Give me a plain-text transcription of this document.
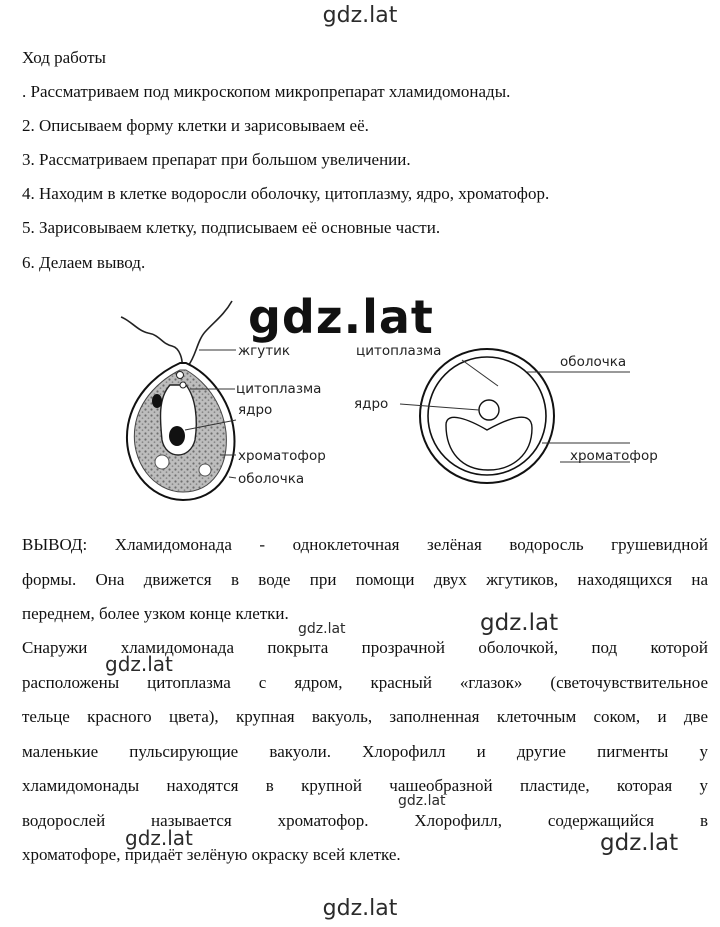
gdz.lat
Ход работы
. Рассматриваем под микроскопом микропрепарат хламидомонады.
2. Описываем форму клетки и зарисовываем её.
3. Рассматриваем препарат при большом увеличении.
4. Находим в клетке водоросли оболочку, цитоплазму, ядро, хроматофор.
5. Зарисовываем клетку, подписываем её основные части.
6. Делаем вывод.
жгутик
цитоплазма
ядро
хроматофор
оболочка
цитоплазма
оболочка
ядро
хроматофор
gdz.lat
ВЫВОД: Хламидомонада - одноклеточная зелёная водоросль грушевидной
формы. Она движется в воде при помощи двух жгутиков, находящихся на
переднем, более узком конце клетки.
Снаружи хламидомонада покрыта прозрачной оболочкой, под которой
расположены цитоплазма с ядром, красный «глазок» (светочувствительное
тельце красного цвета), крупная вакуоль, заполненная клеточным соком, и две
маленькие пульсирующие вакуоли. Хлорофилл и другие пигменты у
хламидомонады находятся в крупной чашеобразной пластиде, которая у
водорослей называется хроматофор. Хлорофилл, содержащийся в
хроматофоре, придаёт зелёную окраску всей клетке.
gdz.lat	gdz.lat
gdz.lat
gdz.lat
gdz.lat	gdz.lat
gdz.lat
